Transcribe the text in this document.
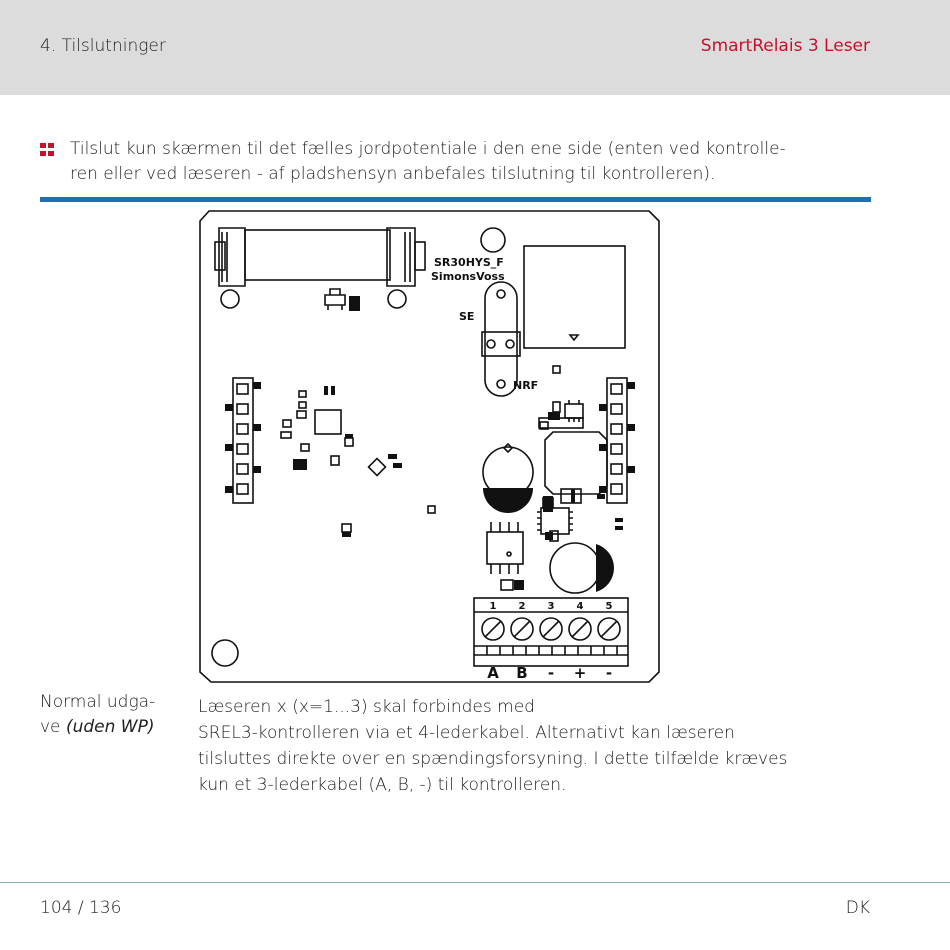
4. Tilslutninger	SmartRelais 3 Leser
Tilslut kun skærmen til det fælles jordpotentiale i den ene side (enten ved kontrolle-
ren eller ved læseren - af pladshensyn anbefales tilslutning til kontrolleren).
SR30HYS_F
SimonsVoss
SE
NRF
1 2 3 4 5
A B - + -
Normal udga-
ve (uden WP)

Læseren x (x=1...3) skal forbindes med

SREL3-kontrolleren via et 4-lederkabel. Alternativt kan læseren

tilsluttes direkte over en spændingsforsyning. I dette tilfælde kræves

kun et 3-lederkabel (A, B, -) til kontrolleren.

104 / 136	DK
